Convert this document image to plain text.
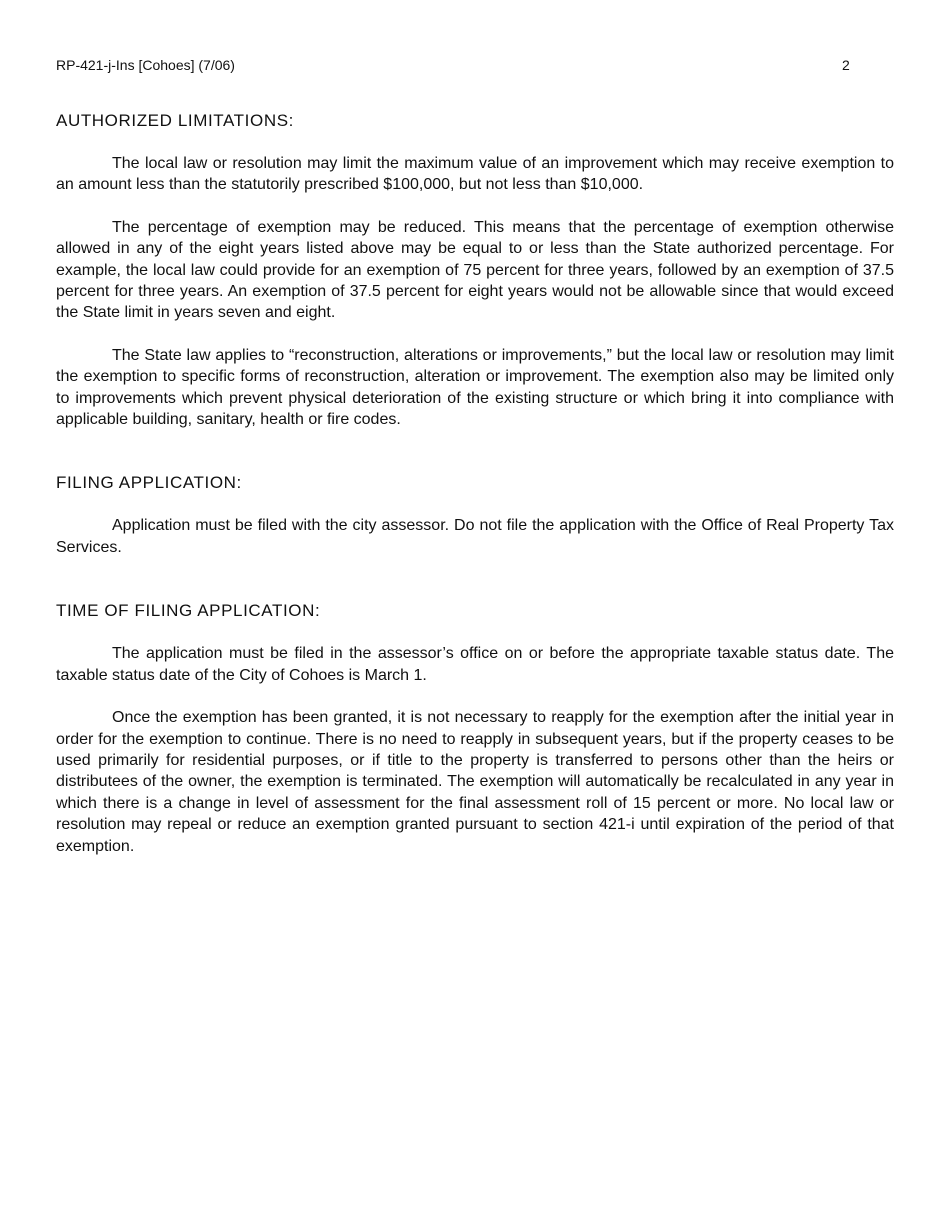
RP-421-j-Ins [Cohoes] (7/06)	2
AUTHORIZED LIMITATIONS:

The local law or resolution may limit the maximum value of an improvement which may receive exemption to an amount less than the statutorily prescribed $100,000, but not less than $10,000.

The percentage of exemption may be reduced. This means that the percentage of exemption otherwise allowed in any of the eight years listed above may be equal to or less than the State authorized percentage. For example, the local law could provide for an exemption of 75 percent for three years, followed by an exemption of 37.5 percent for three years. An exemption of 37.5 percent for eight years would not be allowable since that would exceed the State limit in years seven and eight.

The State law applies to “reconstruction, alterations or improvements,” but the local law or resolution may limit the exemption to specific forms of reconstruction, alteration or improvement. The exemption also may be limited only to improvements which prevent physical deterioration of the existing structure or which bring it into compliance with applicable building, sanitary, health or fire codes.

FILING APPLICATION:

Application must be filed with the city assessor. Do not file the application with the Office of Real Property Tax Services.

TIME OF FILING APPLICATION:

The application must be filed in the assessor’s office on or before the appropriate taxable status date. The taxable status date of the City of Cohoes is March 1.

Once the exemption has been granted, it is not necessary to reapply for the exemption after the initial year in order for the exemption to continue. There is no need to reapply in subsequent years, but if the property ceases to be used primarily for residential purposes, or if title to the property is transferred to persons other than the heirs or distributees of the owner, the exemption is terminated. The exemption will automatically be recalculated in any year in which there is a change in level of assessment for the final assessment roll of 15 percent or more. No local law or resolution may repeal or reduce an exemption granted pursuant to section 421-i until expiration of the period of that exemption.
